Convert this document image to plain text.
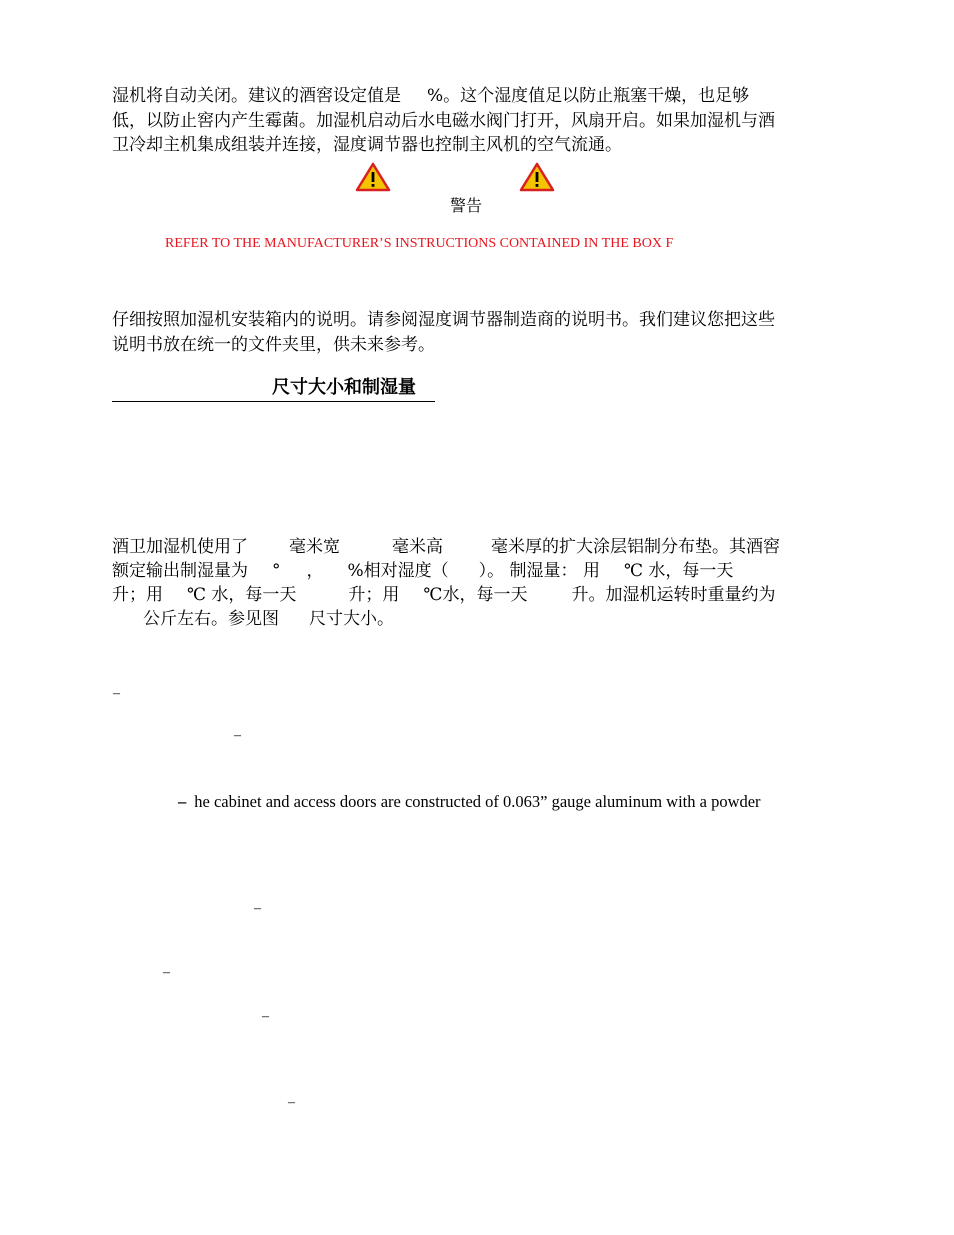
湿机将自动关闭。建议的酒窖设定值是 %。这个湿度值足以防止瓶塞干燥，也足够
低，以防止窖内产生霉菌。加湿机启动后水电磁水阀门打开，风扇开启。如果加湿机与酒
卫冷却主机集成组装并连接，湿度调节器也控制主风机的空气流通。
警告
REFER TO THE MANUFACTURER’S INSTRUCTIONS CONTAINED IN THE BOX F
仔细按照加湿机安装箱内的说明。请参阅湿度调节器制造商的说明书。我们建议您把这些
说明书放在统一的文件夹里，供未来参考。
尺寸大小和制湿量
酒卫加湿机使用了 毫米宽	毫米高	毫米厚的扩大涂层铝制分布垫。其酒窖
额定输出制湿量为 ° ， %相对湿度（ ）。 制湿量： 用 ℃ 水，每一天
升；用 ℃ 水，每一天	升；用 ℃水，每一天	升。加湿机运转时重量约为
公斤左右。参见图 尺寸大小。
–
–
– he cabinet and access doors are constructed of 0.063” gauge aluminum with a powder
–
–
–
–
